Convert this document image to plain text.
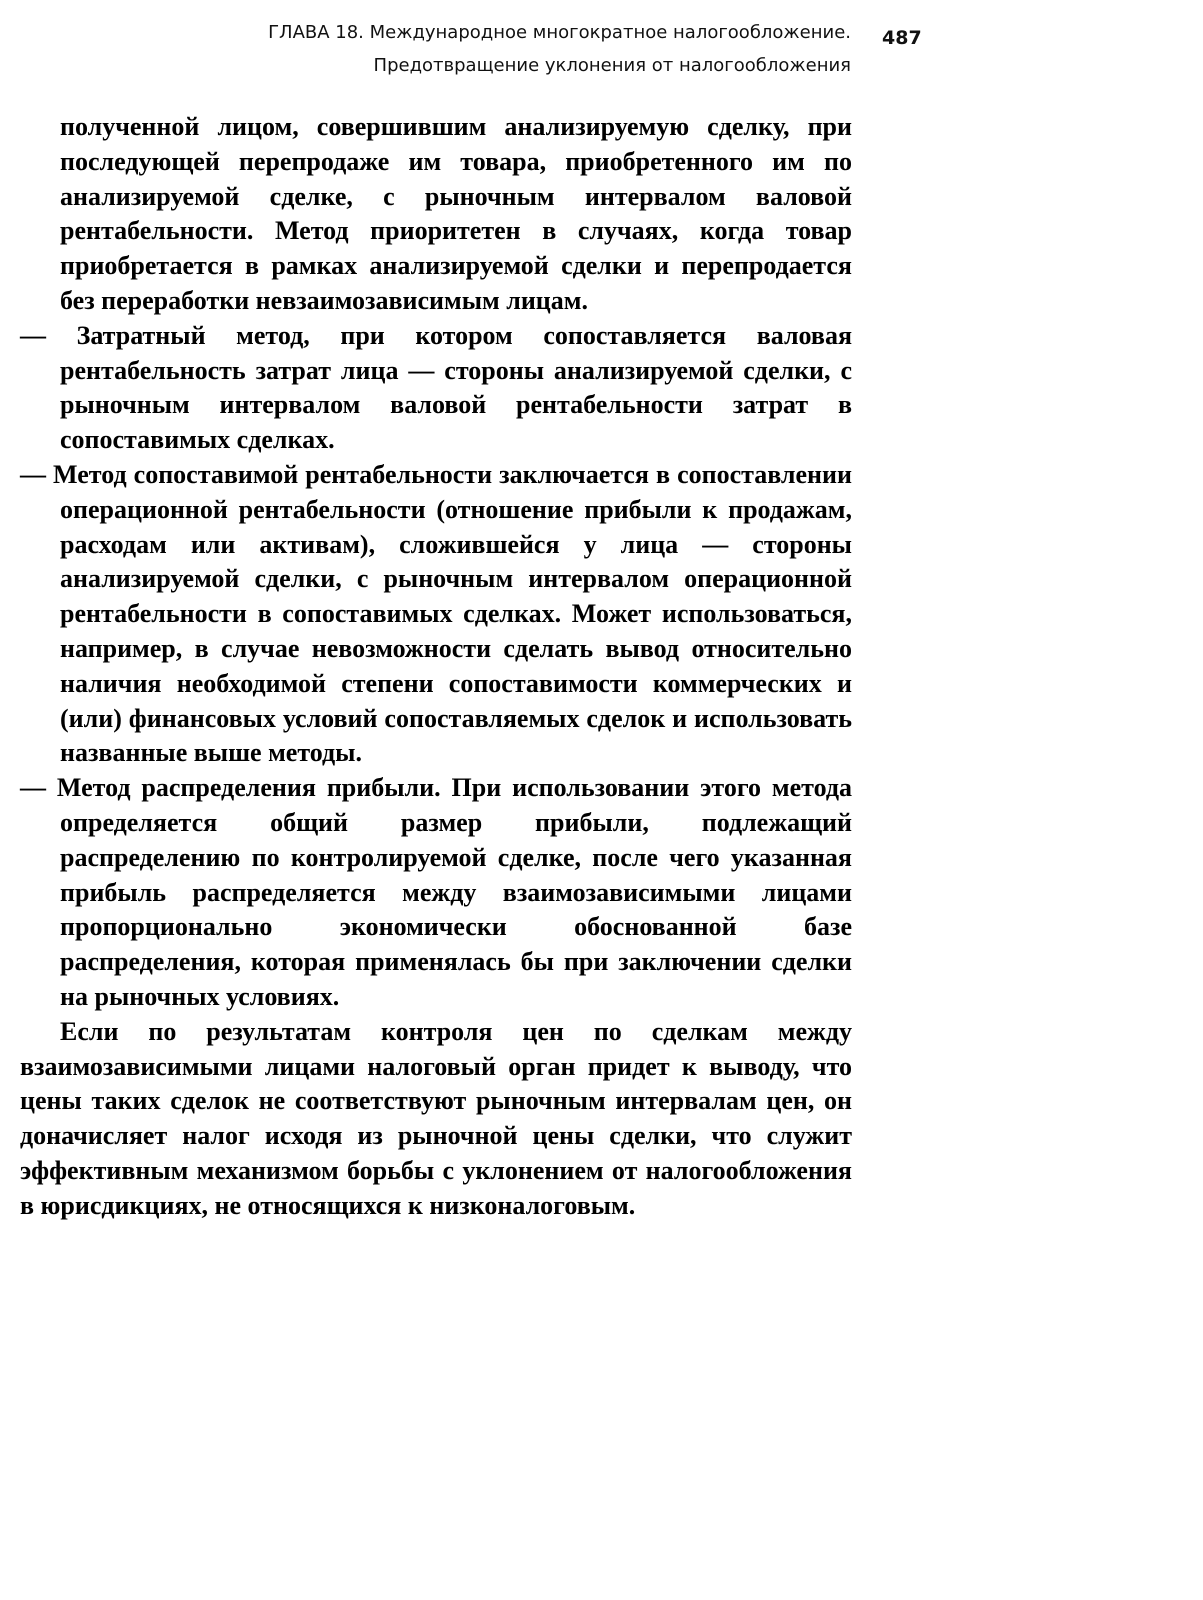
ГЛАВА 18. Международное многократное налогообложение.
Предотвращение уклонения от налогообложения
487

полученной лицом, совершившим анализируемую сделку, при последующей перепродаже им товара, приобретенного им по анализируемой сделке, с рыночным интервалом валовой рентабельности. Метод приоритетен в случаях, когда товар приобретается в рамках анализируемой сделки и перепродается без переработки невзаимозависимым лицам.

— Затратный метод, при котором сопоставляется валовая рентабельность затрат лица — стороны анализируемой сделки, с рыночным интервалом валовой рентабельности затрат в сопоставимых сделках.

— Метод сопоставимой рентабельности заключается в сопоставлении операционной рентабельности (отношение прибыли к продажам, расходам или активам), сложившейся у лица — стороны анализируемой сделки, с рыночным интервалом операционной рентабельности в сопоставимых сделках. Может использоваться, например, в случае невозможности сделать вывод относительно наличия необходимой степени сопоставимости коммерческих и (или) финансовых условий сопоставляемых сделок и использовать названные выше методы.

— Метод распределения прибыли. При использовании этого метода определяется общий размер прибыли, подлежащий распределению по контролируемой сделке, после чего указанная прибыль распределяется между взаимозависимыми лицами пропорционально экономически обоснованной базе распределения, которая применялась бы при заключении сделки на рыночных условиях.

Если по результатам контроля цен по сделкам между взаимозависимыми лицами налоговый орган придет к выводу, что цены таких сделок не соответствуют рыночным интервалам цен, он доначисляет налог исходя из рыночной цены сделки, что служит эффективным механизмом борьбы с уклонением от налогообложения в юрисдикциях, не относящихся к низконалоговым.
